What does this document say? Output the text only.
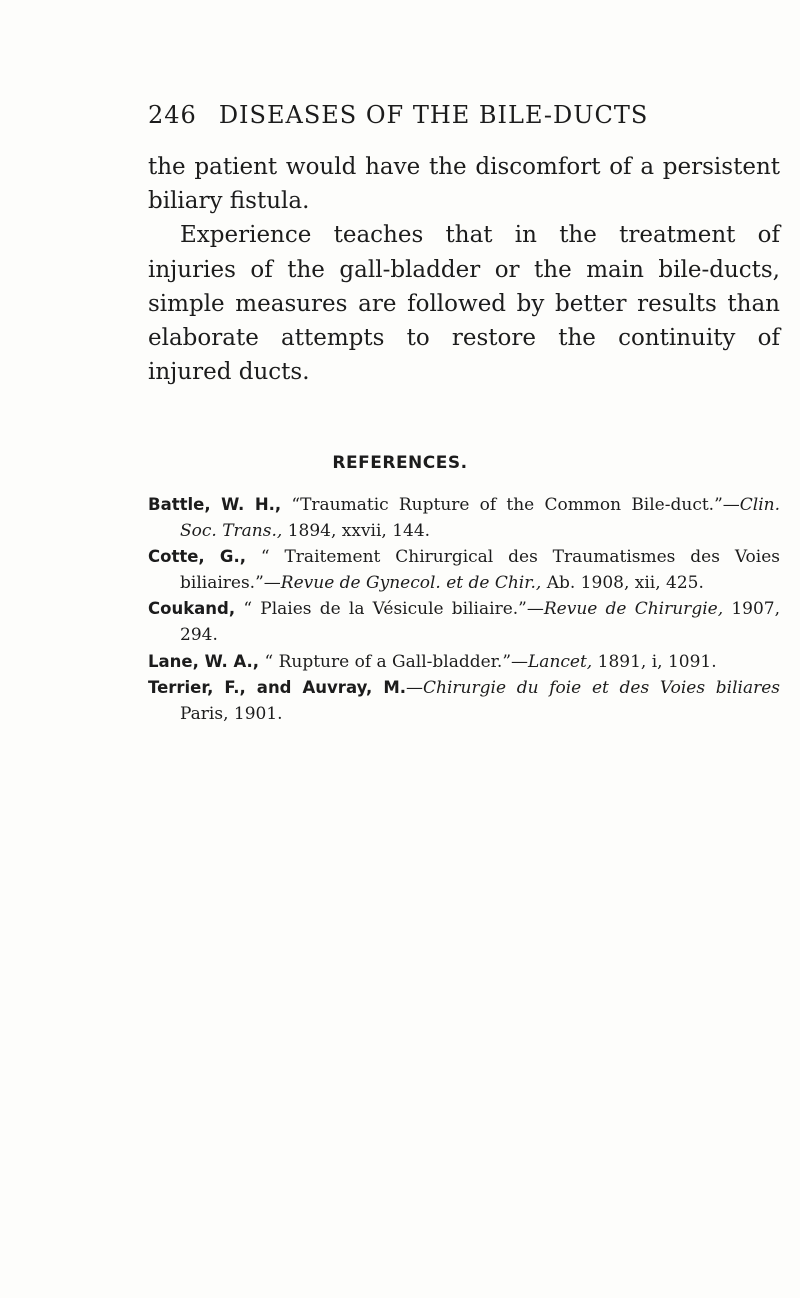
246 DISEASES OF THE BILE-DUCTS

the patient would have the discomfort of a persistent biliary fistula.

Experience teaches that in the treatment of injuries of the gall-bladder or the main bile-ducts, simple measures are followed by better results than elaborate attempts to restore the continuity of injured ducts.

REFERENCES.
Battle, W. H., “Traumatic Rupture of the Common Bile-duct.”—Clin. Soc. Trans., 1894, xxvii, 144.
Cotte, G., “ Traitement Chirurgical des Traumatismes des Voies biliaires.”—Revue de Gynecol. et de Chir., Ab. 1908, xii, 425.
Coukand, “ Plaies de la Vésicule biliaire.”—Revue de Chirurgie, 1907, 294.
Lane, W. A., “ Rupture of a Gall-bladder.”—Lancet, 1891, i, 1091.
Terrier, F., and Auvray, M.—Chirurgie du foie et des Voies biliares Paris, 1901.
